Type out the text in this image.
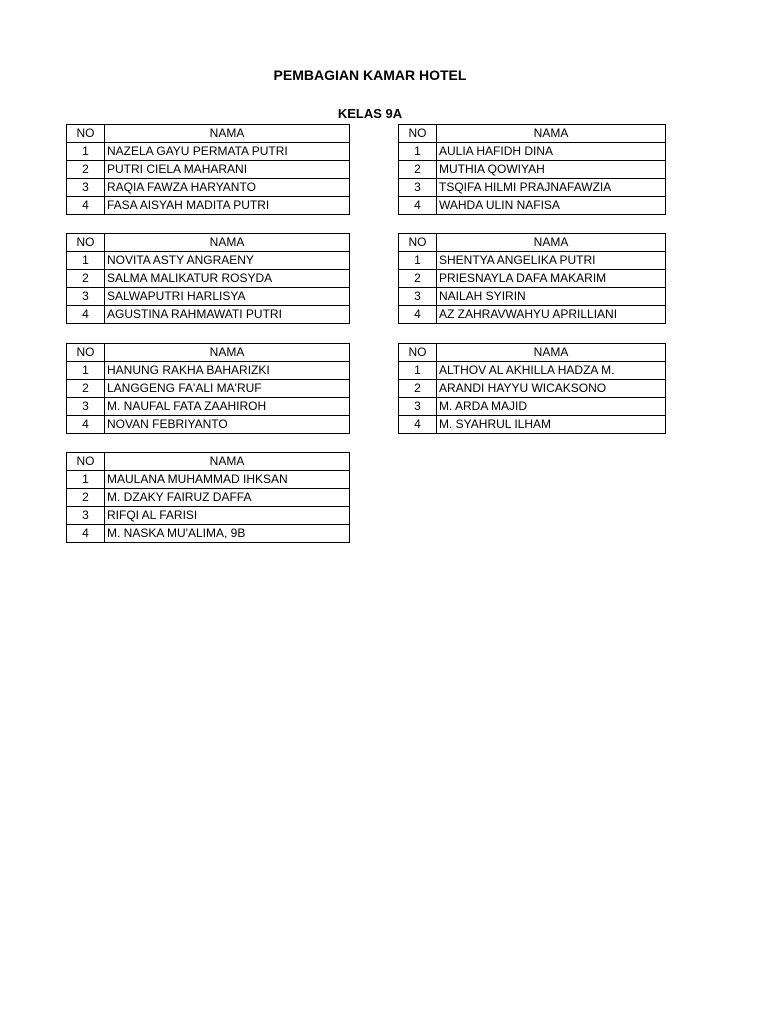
PEMBAGIAN KAMAR HOTEL
KELAS 9A
NO	NAMA
1	NAZELA GAYU PERMATA PUTRI
2	PUTRI CIELA MAHARANI
3	RAQIA FAWZA HARYANTO
4	FASA AISYAH MADITA PUTRI
NO	NAMA
1	AULIA HAFIDH DINA
2	MUTHIA QOWIYAH
3	TSQIFA HILMI PRAJNAFAWZIA
4	WAHDA ULIN NAFISA
NO	NAMA
1	NOVITA ASTY ANGRAENY
2	SALMA MALIKATUR ROSYDA
3	SALWAPUTRI HARLISYA
4	AGUSTINA RAHMAWATI PUTRI
NO	NAMA
1	SHENTYA ANGELIKA PUTRI
2	PRIESNAYLA DAFA MAKARIM
3	NAILAH SYIRIN
4	AZ ZAHRAVWAHYU APRILLIANI
NO	NAMA
1	HANUNG RAKHA BAHARIZKI
2	LANGGENG FA'ALI MA'RUF
3	M. NAUFAL FATA ZAAHIROH
4	NOVAN FEBRIYANTO
NO	NAMA
1	ALTHOV AL AKHILLA HADZA M.
2	ARANDI HAYYU WICAKSONO
3	M. ARDA MAJID
4	M. SYAHRUL ILHAM
NO	NAMA
1	MAULANA MUHAMMAD IHKSAN
2	M. DZAKY FAIRUZ DAFFA
3	RIFQI AL FARISI
4	M. NASKA MU'ALIMA, 9B
